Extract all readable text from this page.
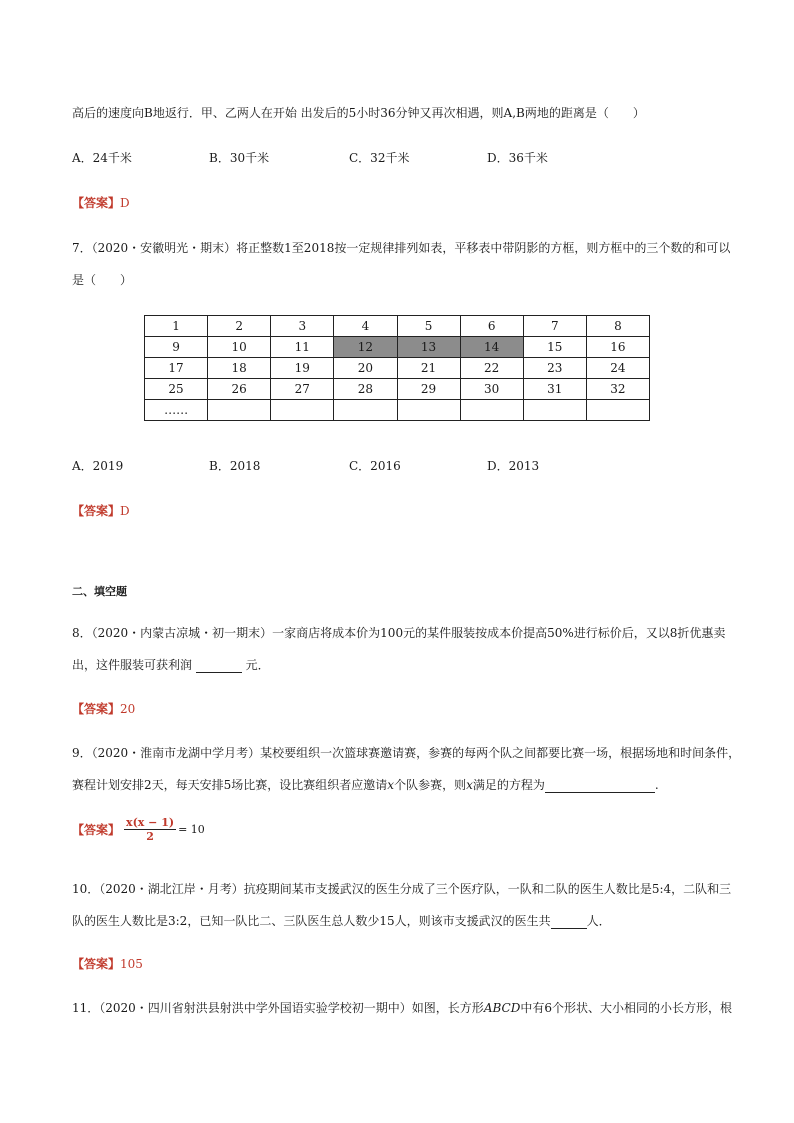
高后的速度向B地返行．甲、乙两人在开始 出发后的5小时36分钟又再次相遇，则A,B两地的距离是（　　）
A．24千米	B．30千米	C．32千米	D．36千米
【答案】D
7．（2020・安徽明光・期末）将正整数1至2018按一定规律排列如表，平移表中带阴影的方框，则方框中的三个数的和可以
是（　　）
1	2	3	4	5	6	7	8
9	10	11	12	13	14	15	16
17	18	19	20	21	22	23	24
25	26	27	28	29	30	31	32
……							
A．2019	B．2018	C．2016	D．2013
【答案】D
二、填空题
8．（2020・内蒙古凉城・初一期末）一家商店将成本价为100元的某件服装按成本价提高50%进行标价后，又以8折优惠卖
出，这件服装可获利润	元．
【答案】20
9．（2020・淮南市龙湖中学月考）某校要组织一次篮球赛邀请赛，参赛的每两个队之间都要比赛一场，根据场地和时间条件，
赛程计划安排2天，每天安排5场比赛，设比赛组织者应邀请x个队参赛，则x满足的方程为	.
【答案】 $\frac{x(x - 1)}{2} = 10$
10．（2020・湖北江岸・月考）抗疫期间某市支援武汉的医生分成了三个医疗队，一队和二队的医生人数比是5:4，二队和三
队的医生人数比是3:2，已知一队比二、三队医生总人数少15人，则该市支援武汉的医生共	人．
【答案】105
11．（2020・四川省射洪县射洪中学外国语实验学校初一期中）如图，长方形ABCD中有6个形状、大小相同的小长方形，根
